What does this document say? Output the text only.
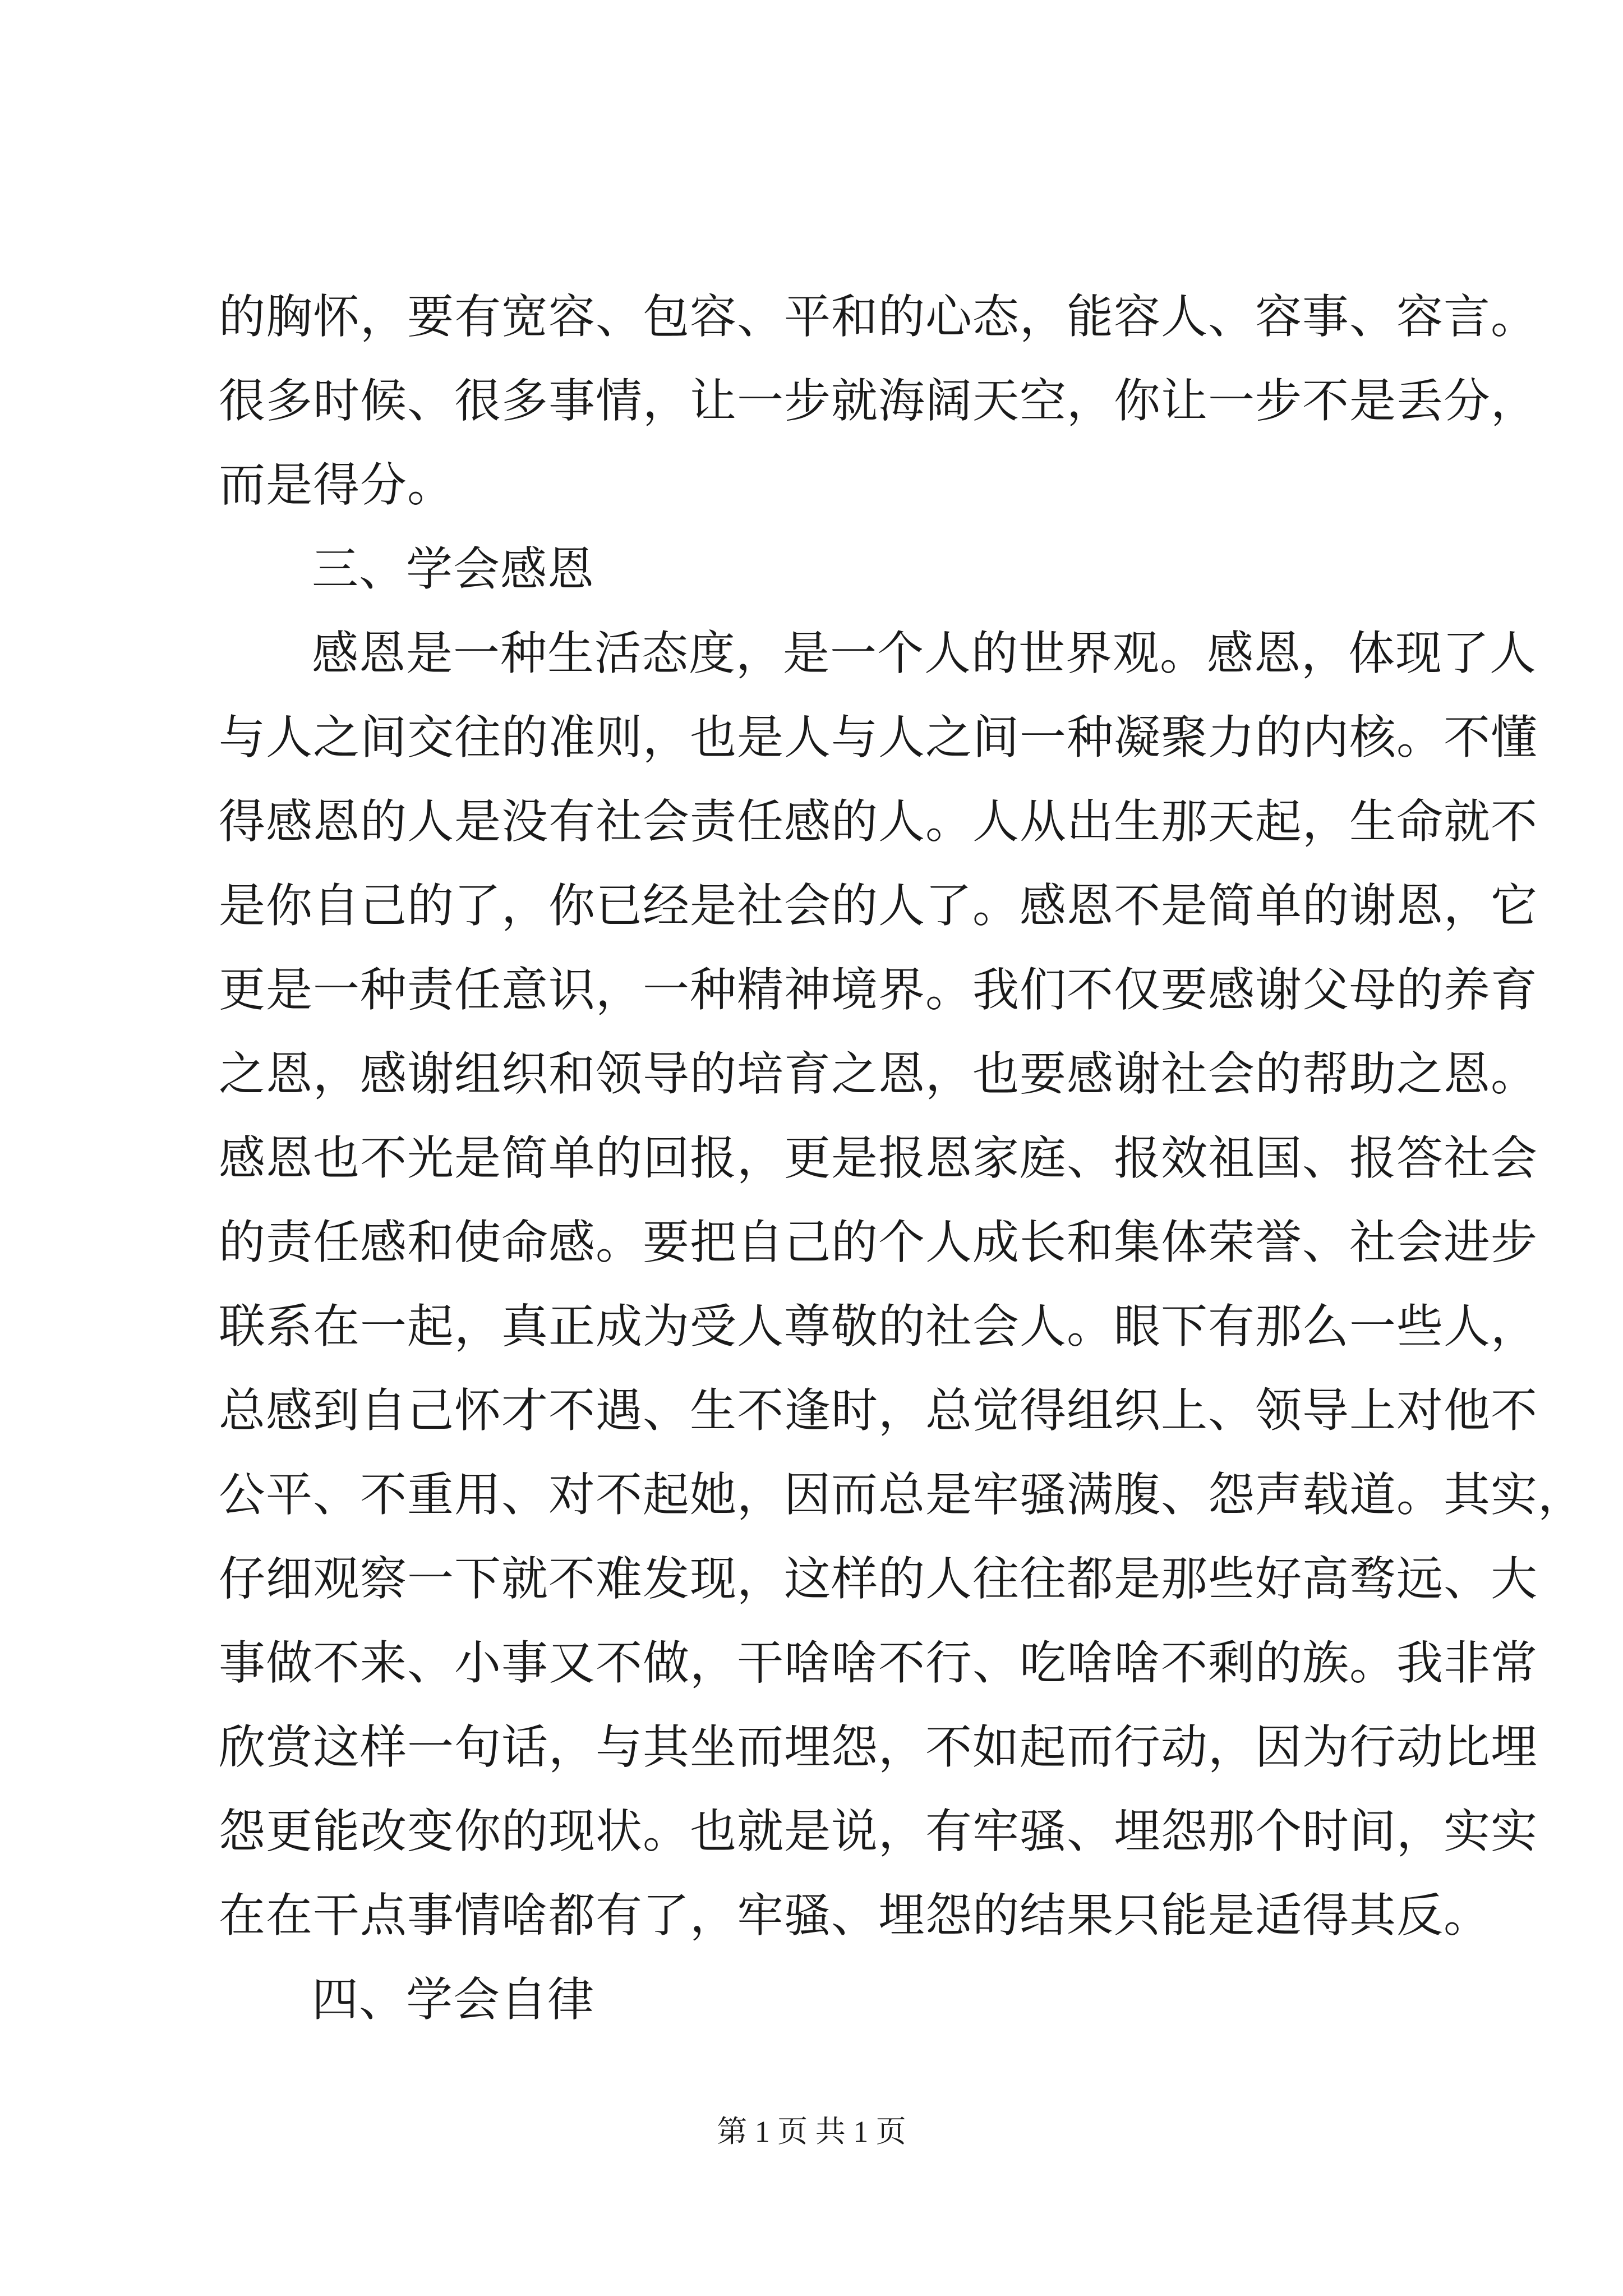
的胸怀，要有宽容、包容、平和的心态，能容人、容事、容言。
很多时候、很多事情，让一步就海阔天空，你让一步不是丢分，
而是得分。
三、学会感恩
感恩是一种生活态度，是一个人的世界观。感恩，体现了人
与人之间交往的准则，也是人与人之间一种凝聚力的内核。不懂
得感恩的人是没有社会责任感的人。人从出生那天起，生命就不
是你自己的了，你已经是社会的人了。感恩不是简单的谢恩，它
更是一种责任意识，一种精神境界。我们不仅要感谢父母的养育
之恩，感谢组织和领导的培育之恩，也要感谢社会的帮助之恩。
感恩也不光是简单的回报，更是报恩家庭、报效祖国、报答社会
的责任感和使命感。要把自己的个人成长和集体荣誉、社会进步
联系在一起，真正成为受人尊敬的社会人。眼下有那么一些人，
总感到自己怀才不遇、生不逢时，总觉得组织上、领导上对他不
公平、不重用、对不起她，因而总是牢骚满腹、怨声载道。其实，
仔细观察一下就不难发现，这样的人往往都是那些好高骛远、大
事做不来、小事又不做，干啥啥不行、吃啥啥不剩的族。我非常
欣赏这样一句话，与其坐而埋怨，不如起而行动，因为行动比埋
怨更能改变你的现状。也就是说，有牢骚、埋怨那个时间，实实
在在干点事情啥都有了，牢骚、埋怨的结果只能是适得其反。
四、学会自律
第 1 页 共 1 页
